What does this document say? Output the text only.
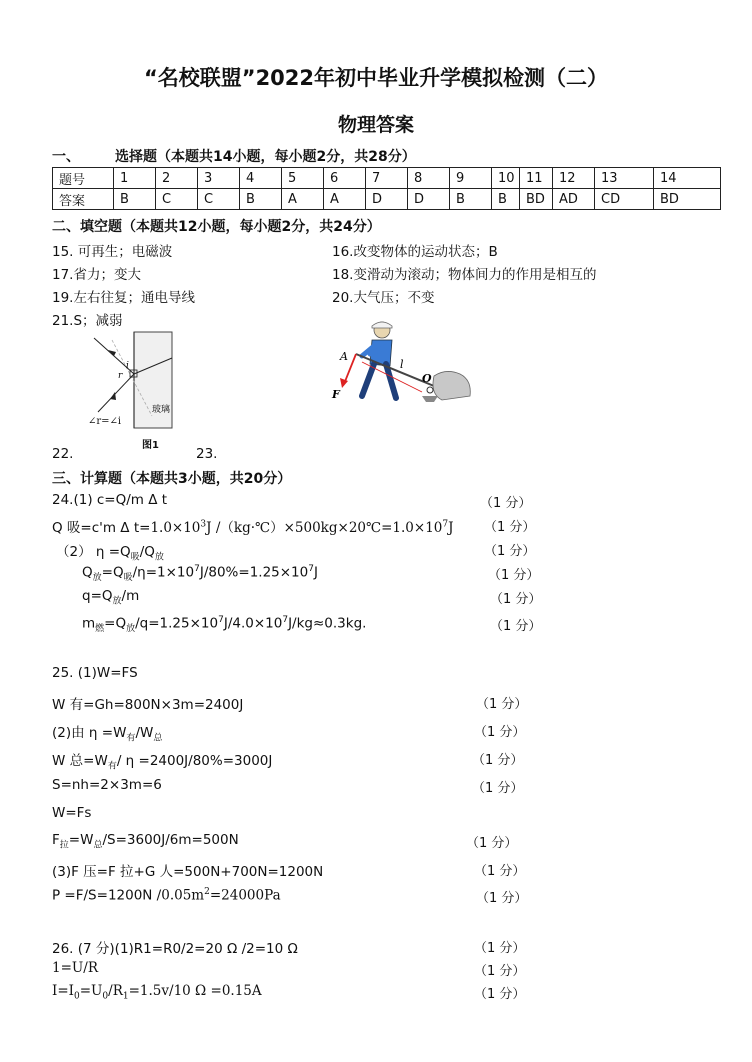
“名校联盟”2022年初中毕业升学模拟检测（二）
物理答案
一、	选择题（本题共14小题，每小题2分，共28分）
题号	1	2	3	4	5	6	7	8	9	10	11	12	13	14
答案	B	C	C	B	A	A	D	D	B	B	BD	AD	CD	BD
二、填空题（本题共12小题，每小题2分，共24分）
15. 可再生；电磁波	16.改变物体的运动状态；B
17.省力；变大	18.变滑动为滚动；物体间力的作用是相互的
19.左右往复；通电导线	20.大气压；不变
21.S；减弱
r
i
玻璃
∠r=∠i
图1
A
F
l
O
22.	23.
三、计算题（本题共3小题，共20分）
24.(1) c=Q/m Δ t	（1 分）
Q 吸=c'm Δ $t=1.0\times 10^3J$ $/(kg\cdot℃)\times 500kg\times 20℃=1.0\times 10^7J$ （1 分）
（2） $\eta =Q_吸/Q_放$	（1 分）
$Q_放=Q_吸/\eta=1\times 10^7J/80\%=1.25\times 10^7J$	（1 分）
$q=Q_放/m$	（1 分）
$m_燃=Q_放/q=1.25\times 10^7J/4.0\times 10^7J/kg\approx 0.3kg$.	（1 分）
25. (1)W=FS
W 有=Gh=800N×3m=2400J	（1 分）
(2)由 $\eta =W_有/W_总$	（1 分）
W 总$=W_有/$ η =2400J/80%=3000J	（1 分）
S=nh=2×3m=6	（1 分）
W=Fs
$F_拉=W_总/S=3600J/6m=500N$	（1 分）
(3)F 压=F 拉+G 人=500N+700N=1200N	（1 分）
P =F/S=1200N $/0.05m^2=24000Pa$	（1 分）
26. (7 分)(1)R1=R0/2=20 Ω /2=10 Ω	（1 分）
1=U/R	（1 分）
$I=I_0=U_0/R_1=1.5v/10$ Ω =0.15A	（1 分）
